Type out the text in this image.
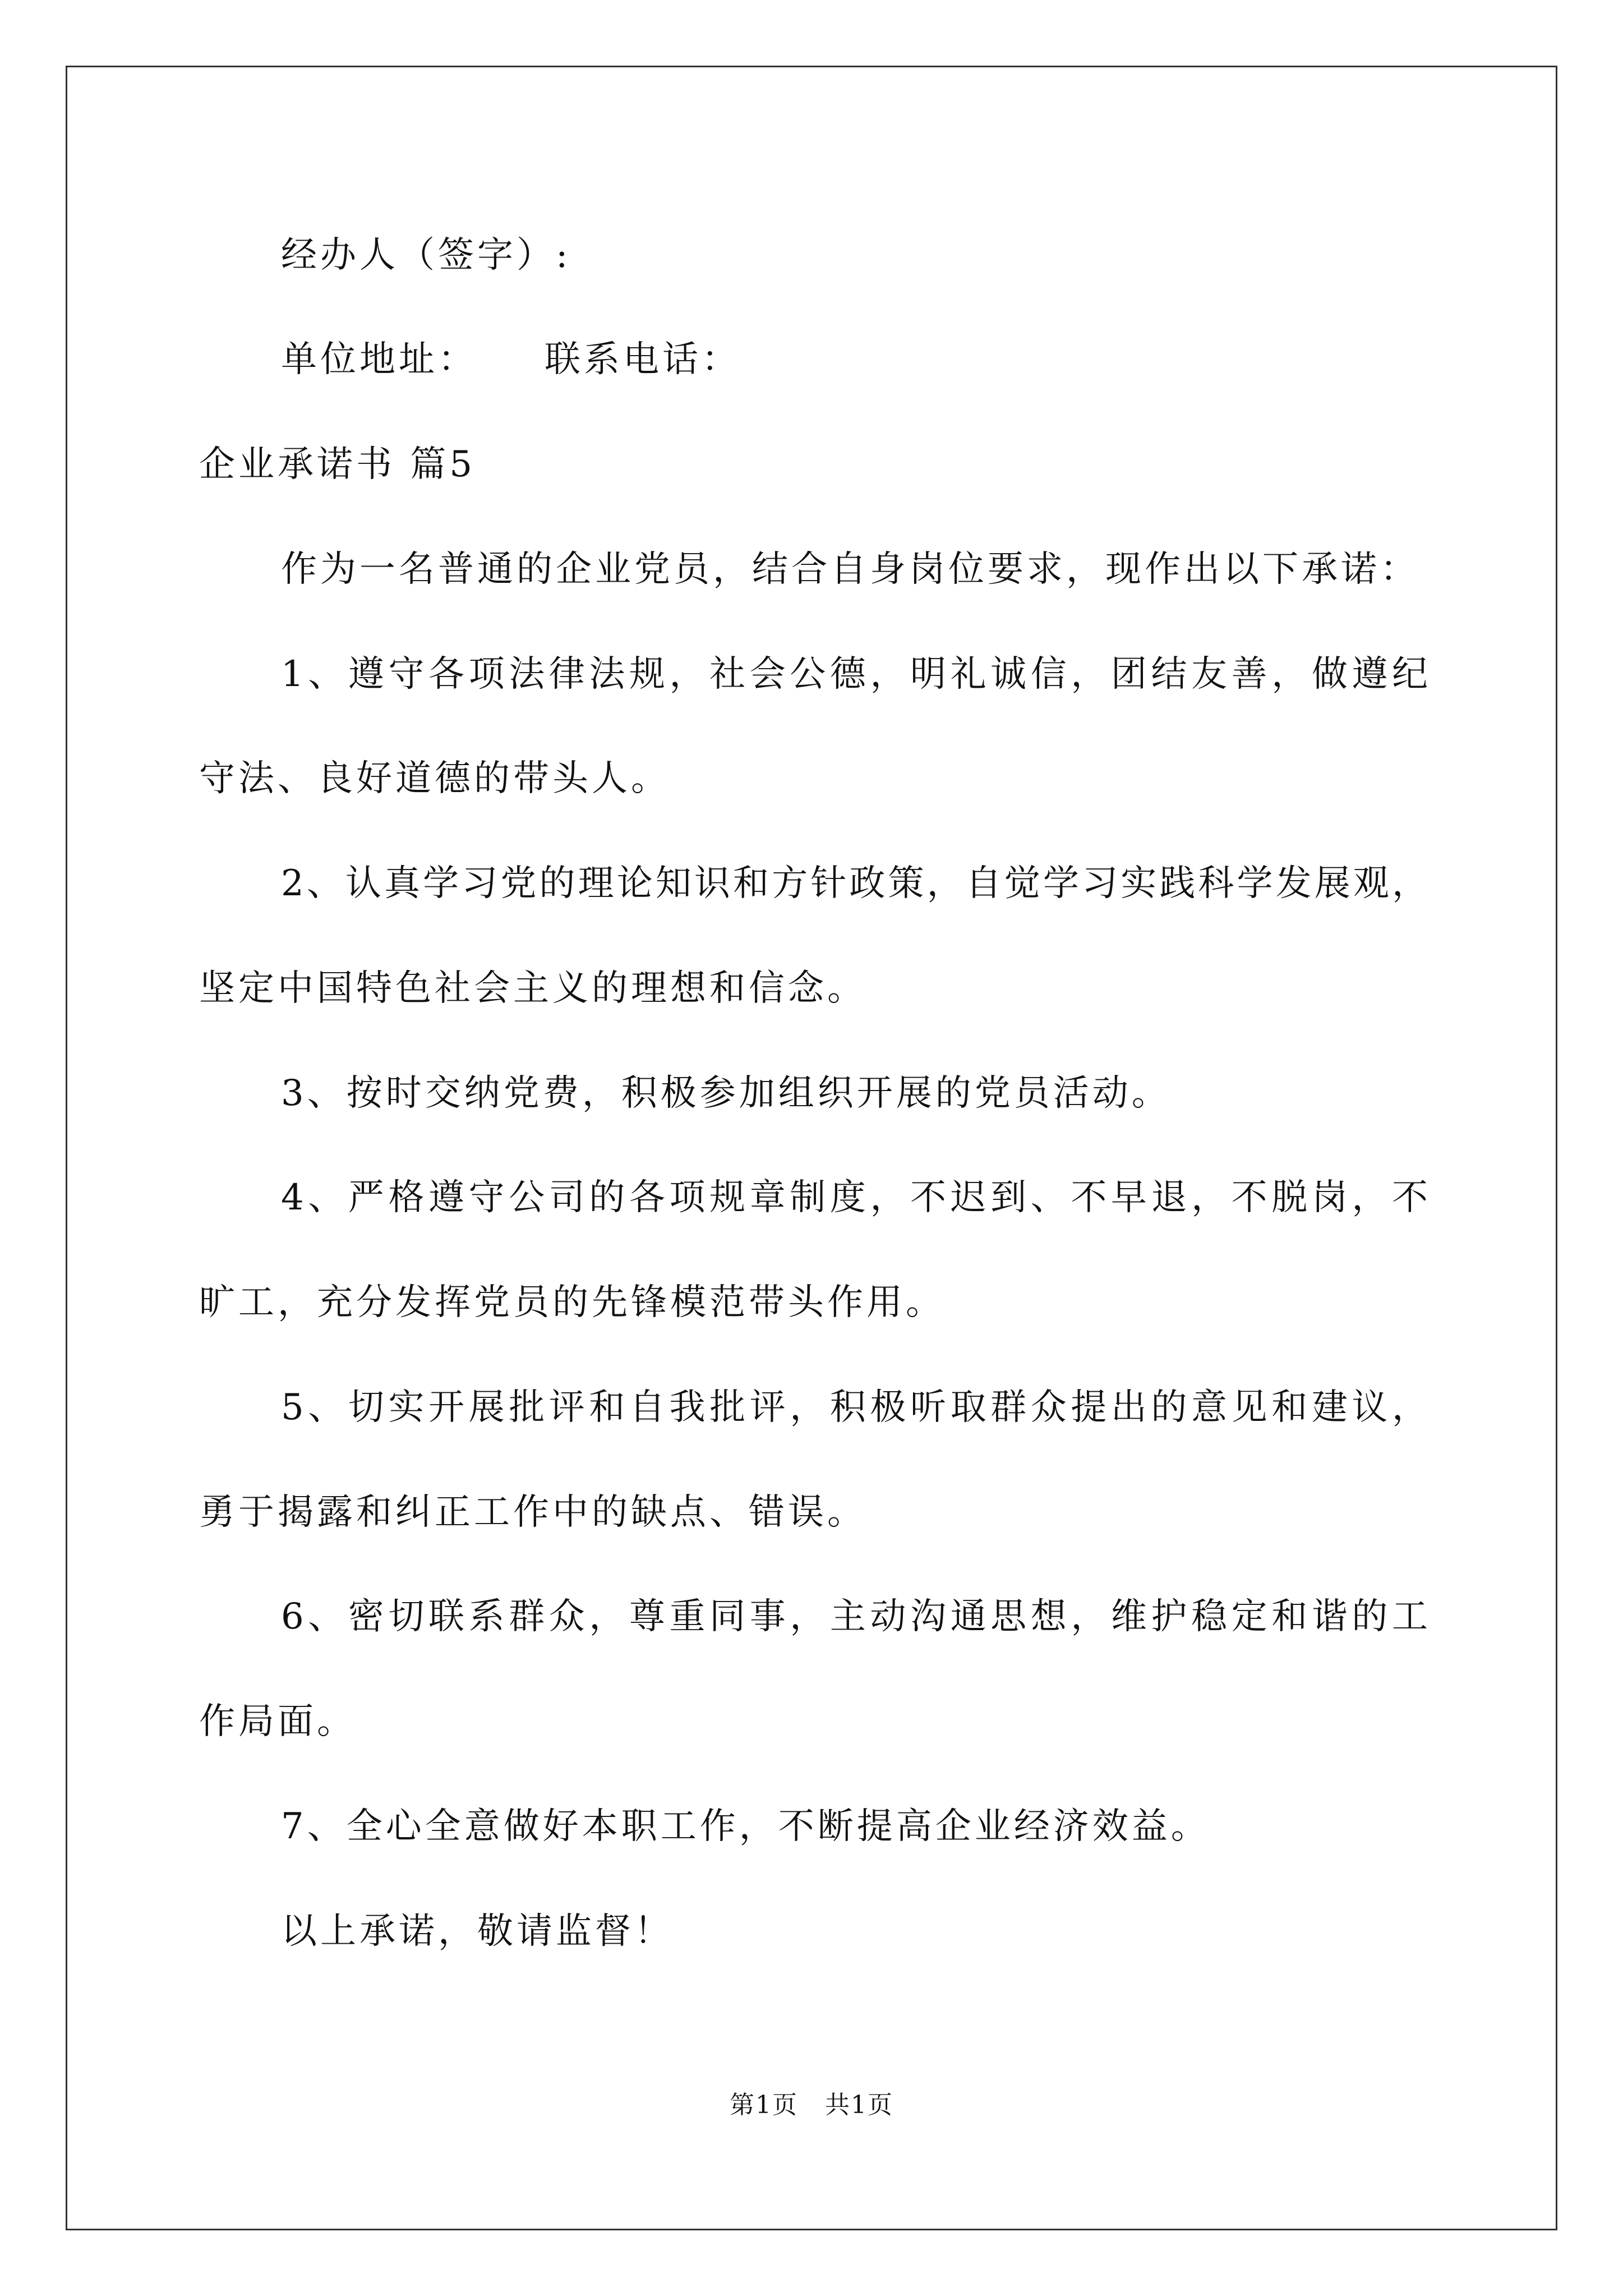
经办人（签字）:
单位地址： 联系电话：
企业承诺书 篇5
作为一名普通的企业党员，结合自身岗位要求，现作出以下承诺：
1、遵守各项法律法规，社会公德，明礼诚信，团结友善，做遵纪
守法、良好道德的带头人。
2、认真学习党的理论知识和方针政策，自觉学习实践科学发展观，
坚定中国特色社会主义的理想和信念。
3、按时交纳党费，积极参加组织开展的党员活动。
4、严格遵守公司的各项规章制度，不迟到、不早退，不脱岗，不
旷工，充分发挥党员的先锋模范带头作用。
5、切实开展批评和自我批评，积极听取群众提出的意见和建议，
勇于揭露和纠正工作中的缺点、错误。
6、密切联系群众，尊重同事，主动沟通思想，维护稳定和谐的工
作局面。
7、全心全意做好本职工作，不断提高企业经济效益。
以上承诺，敬请监督！
第1页 共1页
